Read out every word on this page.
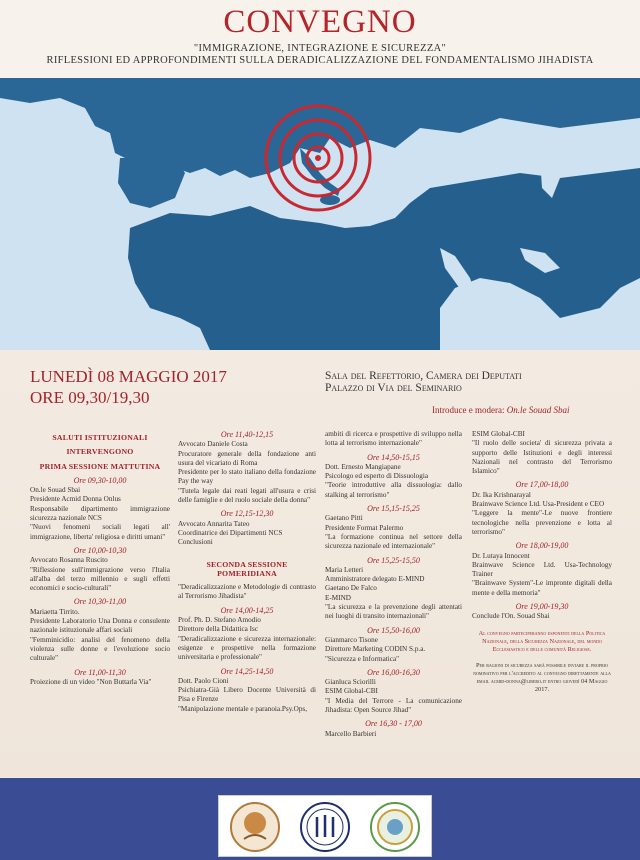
CONVEGNO
"IMMIGRAZIONE, INTEGRAZIONE E SICUREZZA"
RIFLESSIONI ED APPROFONDIMENTI SULLA DERADICALIZZAZIONE DEL FONDAMENTALISMO JIHADISTA
LUNEDÌ 08 MAGGIO 2017
ORE 09,30/19,30
Sala del Refettorio, Camera dei Deputati
Palazzo di Via del Seminario
Introduce e modera: On.le Souad Sbai
SALUTI ISTITUZIONALI
INTERVENGONO
PRIMA SESSIONE MATTUTINA
Ore 09,30-10,00

On.le Souad Sbai

Presidente Acmid Donna Onlus

Responsabile dipartimento immigrazione sicurezza nazionale NCS

"Nuovi fenomeni sociali legati all' immigrazione, liberta' religiosa e diritti umani"

Ore 10,00-10,30

Avvocato Rosanna Ruscito

"Riflessione sull'immigrazione verso l'Italia all'alba del terzo millennio e sugli effetti economici e socio-culturali"

Ore 10,30-11,00

Mariaetta Tirrito.

Presidente Laboratorio Una Donna e consulente nazionale istituzionale affari sociali

"Femminicidio: analisi del fenomeno della violenza sulle donne e l'evoluzione socio culturale"

Ore 11,00-11,30

Proiezione di un video "Non Buttarla Via"

Ore 11,40-12,15

Avvocato Daniele Costa

Procuratore generale della fondazione anti usura del vicariato di Roma

Presidente per lo stato italiano della fondazione Pay the way

"Tutela legale dai reati legati all'usura e crisi delle famiglie e del ruolo sociale della donna"

Ore 12,15-12,30

Avvocato Annarita Tateo

Coordinatrice dei Dipartimenti NCS

Conclusioni

SECONDA SESSIONE POMERIDIANA

"Deradicalizzazione e Metodologie di contrasto al Terrorismo Jihadista"

Ore 14,00-14,25

Prof. Ph. D. Stefano Amodio

Direttore della Didattica Isc

"Deradicalizzazione e sicurezza internazionale: esigenze e prospettive nella formazione universitaria e professionale"

Ore 14,25-14,50

Dott. Paolo Cioni

Psichiatra-Già Libero Docente Università di Pisa e Firenze

"Manipolazione mentale e paranoia.Psy.Ops,

ambiti di ricerca e prospettive di sviluppo nella lotta al terrorismo internazionale"

Ore 14,50-15,15

Dott. Ernesto Mangiapane

Psicologo ed esperto di Dissuologia

"Teorie introduttive alla dissuologia: dallo stalking al terrorismo"

Ore 15,15-15,25

Gaetano Pitti

Presidente Format Palermo

"La formazione continua nel settore della sicurezza nazionale ed internazionale"

Ore 15,25-15,50

Maria Letteri

Amministratore delegato E-MIND

Gaetano De Falco

E-MIND

"La sicurezza e la prevenzione degli attentati nei luoghi di transito internazionali"

Ore 15,50-16,00

Gianmarco Tisone

Direttore Marketing CODIN S.p.a.

"Sicurezza e Informatica"

Ore 16,00-16,30

Gianluca Sciorilli

ESIM Global-CBI

"I Media del Terrore - La comunicazione Jihadista: Open Source Jihad"

Ore 16,30 - 17,00

Marcello Barbieri

ESIM Global-CBI

"Il ruolo delle societa' di sicurezza privata a supporto delle Istituzioni e degli interessi Nazionali nel contrasto del Terrorismo Islamico"

Ore 17,00-18,00

Dr. Ika Krishnarayal

Brainwave Science Ltd. Usa-President e CEO

"Leggere la mente"-Le nuove frontiere tecnologiche nella prevenzione e lotta al terrorismo"

Ore 18,00-19,00

Dr. Lutaya Innocent

Brainwave Science Ltd. Usa-Technology Trainer

"Brainwave System"-Le impronte digitali della mente e della memoria"

Ore 19,00-19,30

Conclude l'On. Souad Sbai

Al convegno parteciperanno esponenti della Politica Nazionale, della Sicurezza Nazionale, del mondo Ecclesiastico e delle comunità Religiose.
Per ragioni di sicurezza sarà possibile inviare il proprio nominativo per l'accredito al convegno direttamente alla email acmid-donna@libero.it entro giovedì 04 Maggio 2017.
